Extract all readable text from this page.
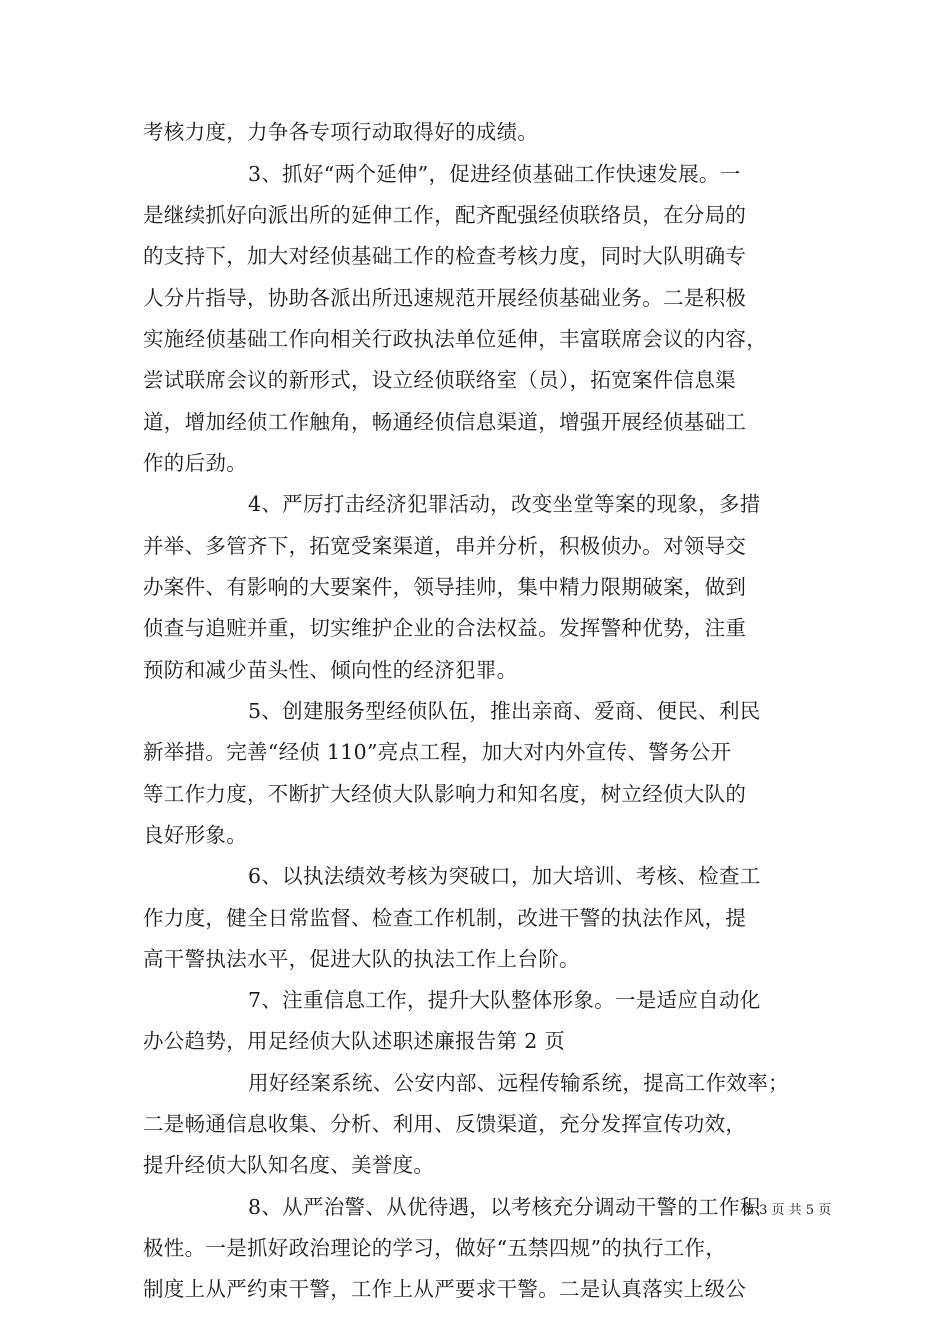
考核力度，力争各专项行动取得好的成绩。

3、抓好“两个延伸”，促进经侦基础工作快速发展。一

是继续抓好向派出所的延伸工作，配齐配强经侦联络员，在分局的

的支持下，加大对经侦基础工作的检查考核力度，同时大队明确专

人分片指导，协助各派出所迅速规范开展经侦基础业务。二是积极

实施经侦基础工作向相关行政执法单位延伸，丰富联席会议的内容，

尝试联席会议的新形式，设立经侦联络室（员），拓宽案件信息渠

道，增加经侦工作触角，畅通经侦信息渠道，增强开展经侦基础工

作的后劲。

4、严厉打击经济犯罪活动，改变坐堂等案的现象，多措

并举、多管齐下，拓宽受案渠道，串并分析，积极侦办。对领导交

办案件、有影响的大要案件，领导挂帅，集中精力限期破案，做到

侦查与追赃并重，切实维护企业的合法权益。发挥警种优势，注重

预防和减少苗头性、倾向性的经济犯罪。

5、创建服务型经侦队伍，推出亲商、爱商、便民、利民

新举措。完善“经侦 110”亮点工程，加大对内外宣传、警务公开

等工作力度，不断扩大经侦大队影响力和知名度，树立经侦大队的

良好形象。

6、以执法绩效考核为突破口，加大培训、考核、检查工

作力度，健全日常监督、检查工作机制，改进干警的执法作风，提

高干警执法水平，促进大队的执法工作上台阶。

7、注重信息工作，提升大队整体形象。一是适应自动化

办公趋势，用足经侦大队述职述廉报告第 2 页

用好经案系统、公安内部、远程传输系统，提高工作效率；

二是畅通信息收集、分析、利用、反馈渠道，充分发挥宣传功效，

提升经侦大队知名度、美誉度。

8、从严治警、从优待遇，以考核充分调动干警的工作积

极性。一是抓好政治理论的学习，做好“五禁四规”的执行工作，

制度上从严约束干警，工作上从严要求干警。二是认真落实上级公

第 3 页 共 5 页
